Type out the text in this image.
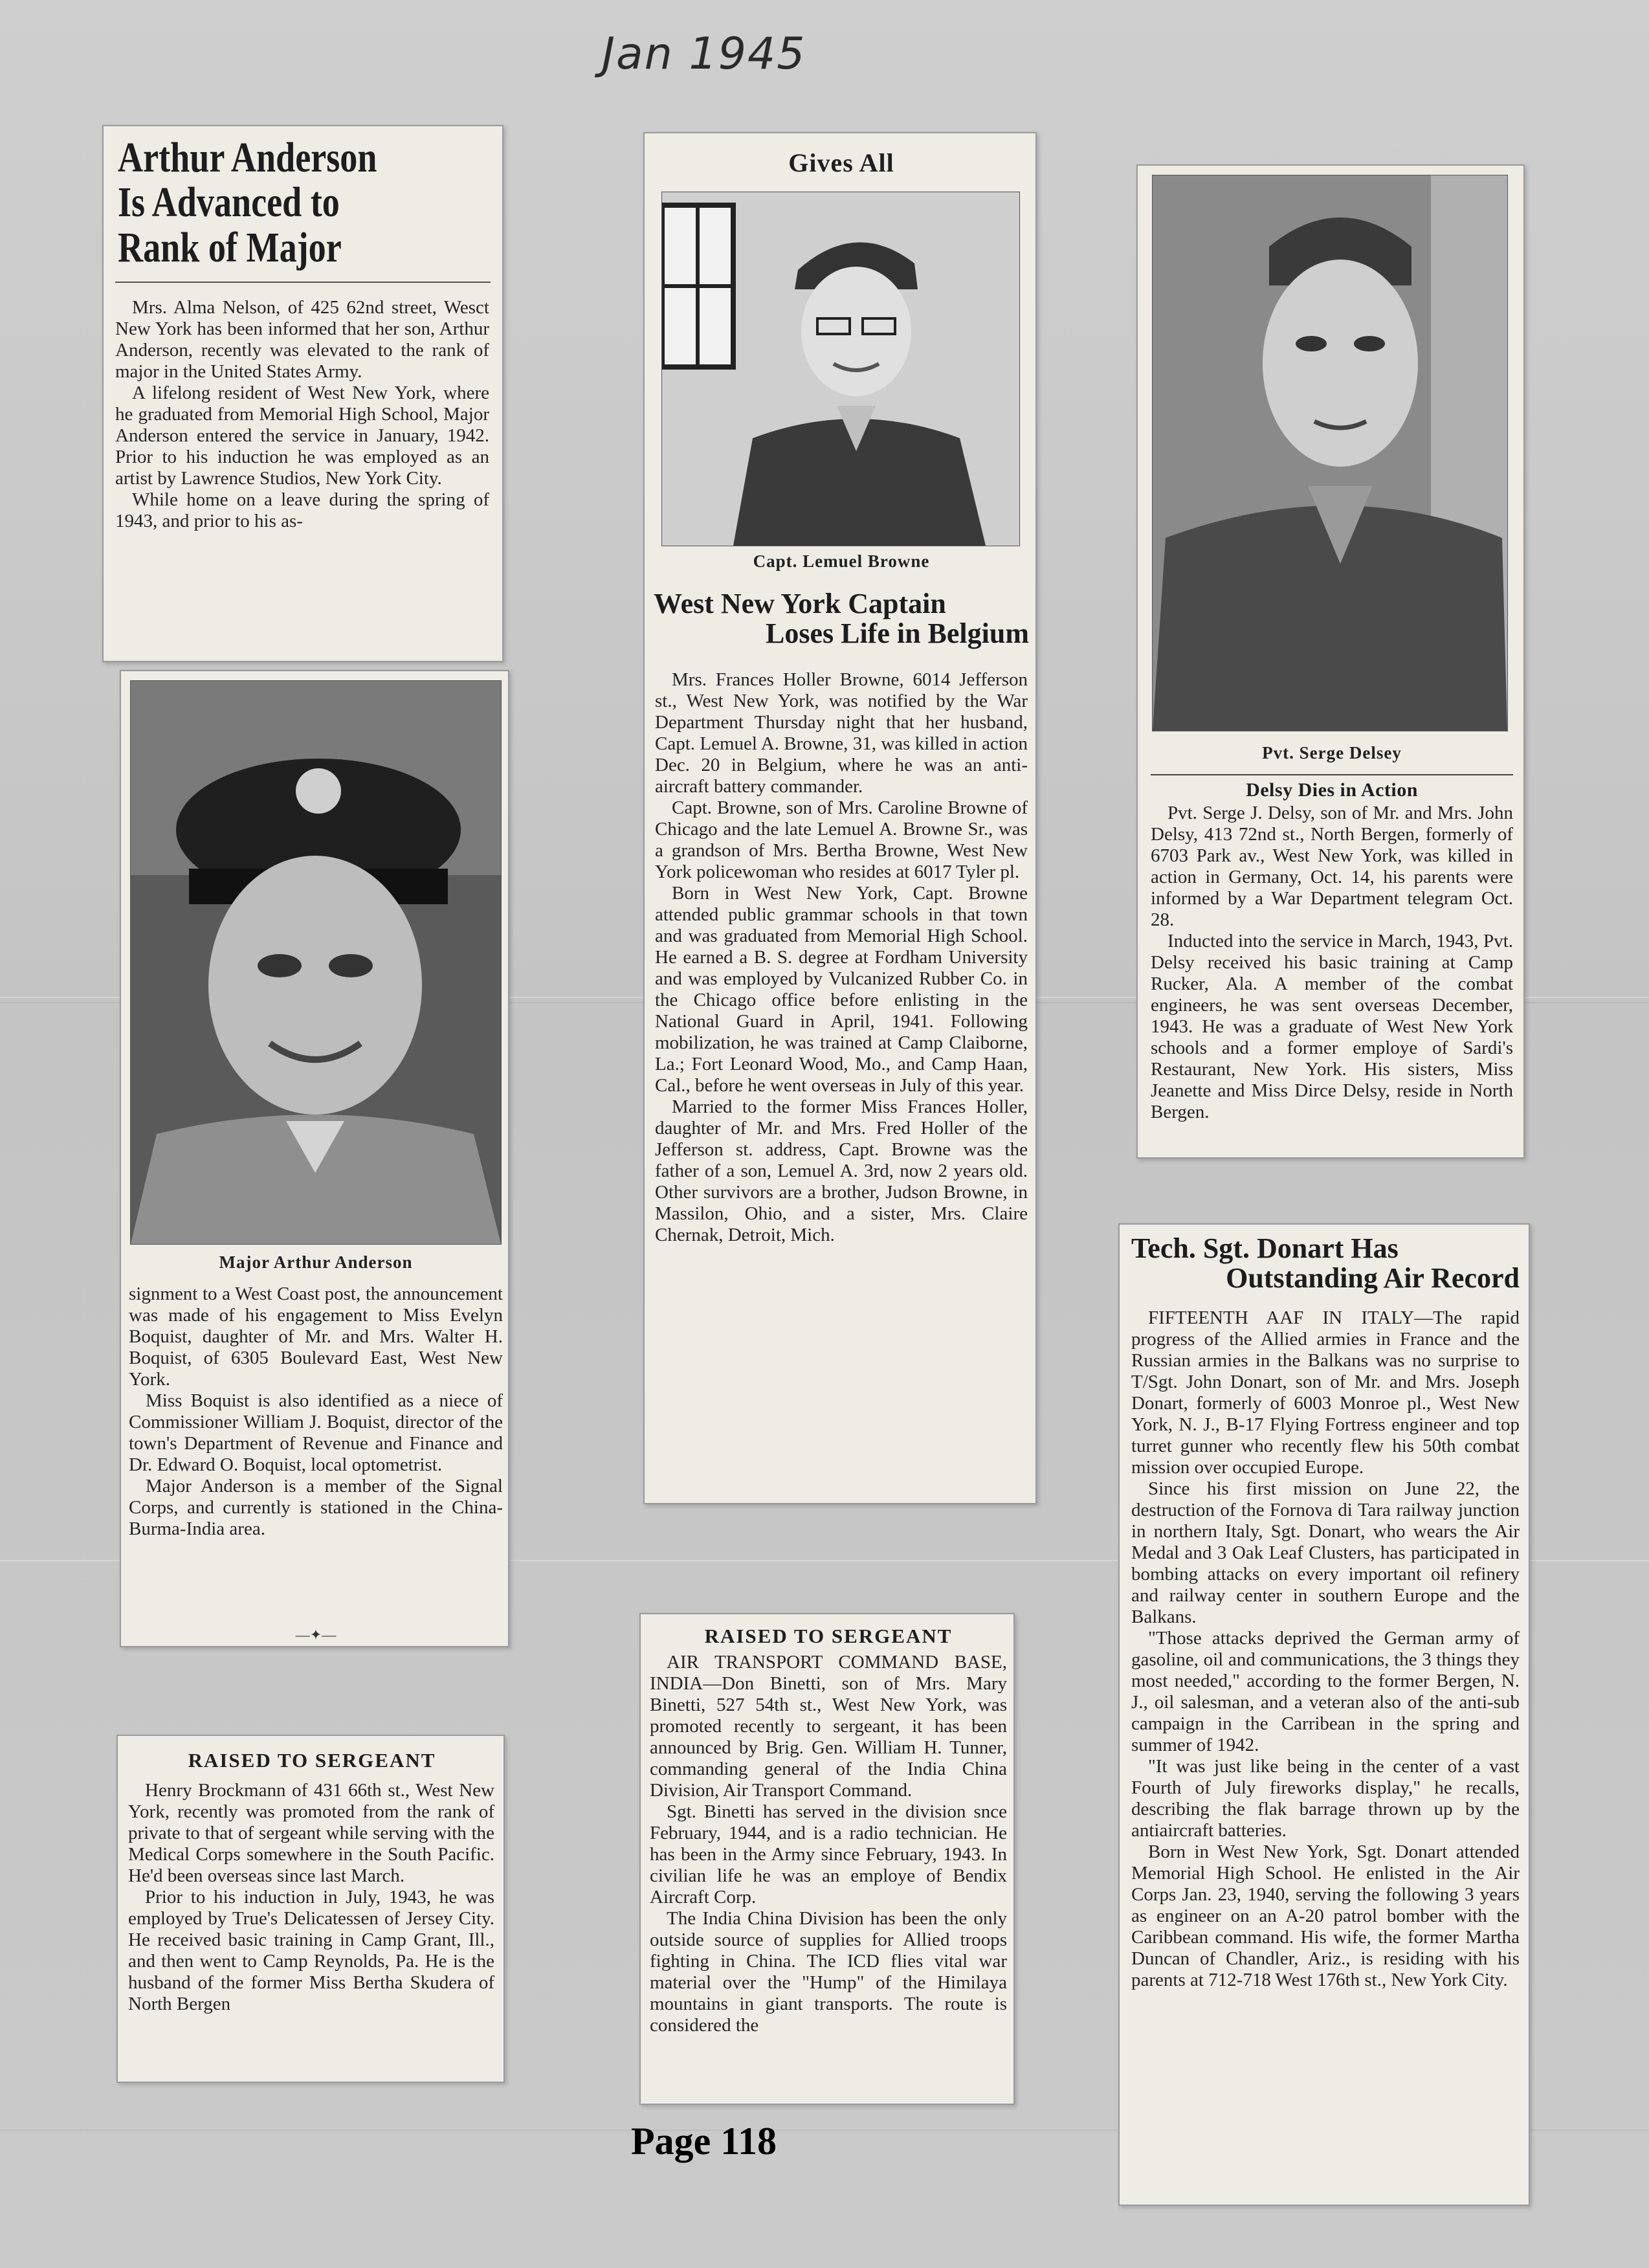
Jan 1945
Arthur Anderson
Is Advanced to
Rank of Major

Mrs. Alma Nelson, of 425 62nd street, Wesct New York has been informed that her son, Arthur Anderson, recently was elevated to the rank of major in the United States Army.

A lifelong resident of West New York, where he graduated from Memorial High School, Major Anderson entered the service in January, 1942. Prior to his induction he was employed as an artist by Lawrence Studios, New York City.

While home on a leave during the spring of 1943, and prior to his as-

Major Arthur Anderson

signment to a West Coast post, the announcement was made of his engagement to Miss Evelyn Boquist, daughter of Mr. and Mrs. Walter H. Boquist, of 6305 Boulevard East, West New York.

Miss Boquist is also identified as a niece of Commissioner William J. Boquist, director of the town's Department of Revenue and Finance and Dr. Edward O. Boquist, local optometrist.

Major Anderson is a member of the Signal Corps, and currently is stationed in the China-Burma-India area.

—✦—
RAISED TO SERGEANT

Henry Brockmann of 431 66th st., West New York, recently was promoted from the rank of private to that of sergeant while serving with the Medical Corps somewhere in the South Pacific. He'd been overseas since last March.

Prior to his induction in July, 1943, he was employed by True's Delicatessen of Jersey City. He received basic training in Camp Grant, Ill., and then went to Camp Reynolds, Pa. He is the husband of the former Miss Bertha Skudera of North Bergen

Gives All
Capt. Lemuel Browne
West New York Captain
Loses Life in Belgium

Mrs. Frances Holler Browne, 6014 Jefferson st., West New York, was notified by the War Department Thursday night that her husband, Capt. Lemuel A. Browne, 31, was killed in action Dec. 20 in Belgium, where he was an anti-aircraft battery commander.

Capt. Browne, son of Mrs. Caroline Browne of Chicago and the late Lemuel A. Browne Sr., was a grandson of Mrs. Bertha Browne, West New York policewoman who resides at 6017 Tyler pl.

Born in West New York, Capt. Browne attended public grammar schools in that town and was graduated from Memorial High School. He earned a B. S. degree at Fordham University and was employed by Vulcanized Rubber Co. in the Chicago office before enlisting in the National Guard in April, 1941. Following mobilization, he was trained at Camp Claiborne, La.; Fort Leonard Wood, Mo., and Camp Haan, Cal., before he went overseas in July of this year.

Married to the former Miss Frances Holler, daughter of Mr. and Mrs. Fred Holler of the Jefferson st. address, Capt. Browne was the father of a son, Lemuel A. 3rd, now 2 years old. Other survivors are a brother, Judson Browne, in Massilon, Ohio, and a sister, Mrs. Claire Chernak, Detroit, Mich.

RAISED TO SERGEANT

AIR TRANSPORT COMMAND BASE, INDIA—Don Binetti, son of Mrs. Mary Binetti, 527 54th st., West New York, was promoted recently to sergeant, it has been announced by Brig. Gen. William H. Tunner, commanding general of the India China Division, Air Transport Command.

Sgt. Binetti has served in the division snce February, 1944, and is a radio technician. He has been in the Army since February, 1943. In civilian life he was an employe of Bendix Aircraft Corp.

The India China Division has been the only outside source of supplies for Allied troops fighting in China. The ICD flies vital war material over the "Hump" of the Himilaya mountains in giant transports. The route is considered the

Pvt. Serge Delsey
Delsy Dies in Action

Pvt. Serge J. Delsy, son of Mr. and Mrs. John Delsy, 413 72nd st., North Bergen, formerly of 6703 Park av., West New York, was killed in action in Germany, Oct. 14, his parents were informed by a War Department telegram Oct. 28.

Inducted into the service in March, 1943, Pvt. Delsy received his basic training at Camp Rucker, Ala. A member of the combat engineers, he was sent overseas December, 1943. He was a graduate of West New York schools and a former employe of Sardi's Restaurant, New York. His sisters, Miss Jeanette and Miss Dirce Delsy, reside in North Bergen.

Tech. Sgt. Donart Has
Outstanding Air Record

FIFTEENTH AAF IN ITALY—The rapid progress of the Allied armies in France and the Russian armies in the Balkans was no surprise to T/Sgt. John Donart, son of Mr. and Mrs. Joseph Donart, formerly of 6003 Monroe pl., West New York, N. J., B-17 Flying Fortress engineer and top turret gunner who recently flew his 50th combat mission over occupied Europe.

Since his first mission on June 22, the destruction of the Fornova di Tara railway junction in northern Italy, Sgt. Donart, who wears the Air Medal and 3 Oak Leaf Clusters, has participated in bombing attacks on every important oil refinery and railway center in southern Europe and the Balkans.

"Those attacks deprived the German army of gasoline, oil and communications, the 3 things they most needed," according to the former Bergen, N. J., oil salesman, and a veteran also of the anti-sub campaign in the Carribean in the spring and summer of 1942.

"It was just like being in the center of a vast Fourth of July fireworks display," he recalls, describing the flak barrage thrown up by the antiaircraft batteries.

Born in West New York, Sgt. Donart attended Memorial High School. He enlisted in the Air Corps Jan. 23, 1940, serving the following 3 years as engineer on an A-20 patrol bomber with the Caribbean command. His wife, the former Martha Duncan of Chandler, Ariz., is residing with his parents at 712-718 West 176th st., New York City.

Page 118
